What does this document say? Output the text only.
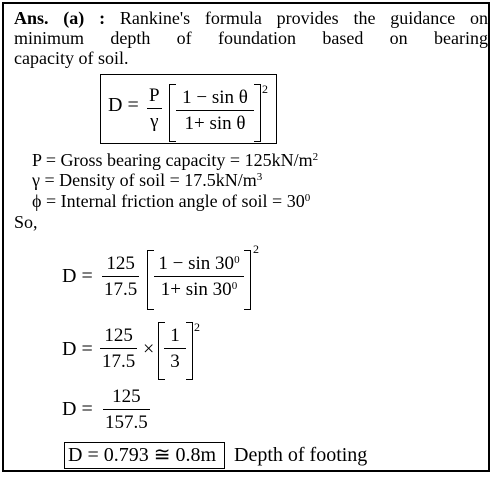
Ans. (a) : Rankine's formula provides the guidance on
minimum depth of foundation based on bearing
capacity of soil.
$D = \frac{P}{\gamma} \frac{\text{1 − sin θ}}{\text{1+ sin θ}} 2$
P = Gross bearing capacity = $125kN/m^2$
γ = Density of soil = $17.5kN/m^3$
ϕ = Internal friction angle of soil = $30^0$
So,
$D = \frac{125}{17.5} \frac{1 - \sin 30^0}{1+ \sin 30^0}$
2
$D = \frac{125}{17.5} \times \frac{1}{3} 2$
$D = \frac{125}{157.5}$
D = 0.793 ≅ 0.8m Depth of footing
